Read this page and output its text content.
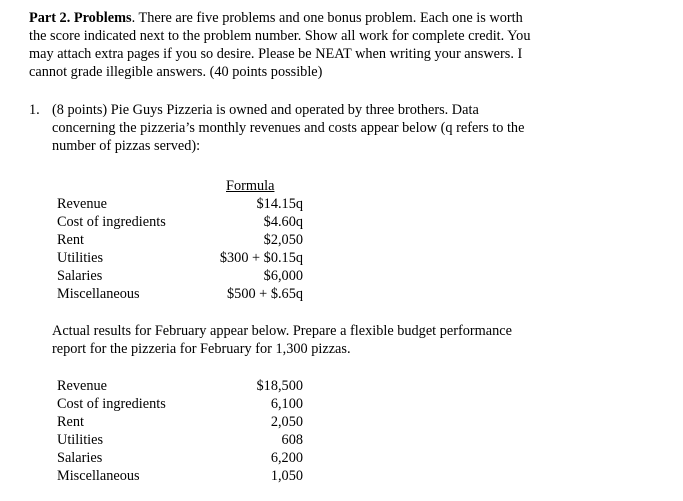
Part 2. Problems. There are five problems and one bonus problem. Each one is worth
the score indicated next to the problem number. Show all work for complete credit. You
may attach extra pages if you so desire. Please be NEAT when writing your answers. I
cannot grade illegible answers. (40 points possible)
1. (8 points) Pie Guys Pizzeria is owned and operated by three brothers. Data
concerning the pizzeria’s monthly revenues and costs appear below (q refers to the
number of pizzas served):
Formula
Revenue	$14.15q
Cost of ingredients	$4.60q
Rent	$2,050
Utilities	$300 + $0.15q
Salaries	$6,000
Miscellaneous	$500 + $.65q
Actual results for February appear below. Prepare a flexible budget performance
report for the pizzeria for February for 1,300 pizzas.
Revenue	$18,500
Cost of ingredients	6,100
Rent	2,050
Utilities	608
Salaries	6,200
Miscellaneous	1,050
